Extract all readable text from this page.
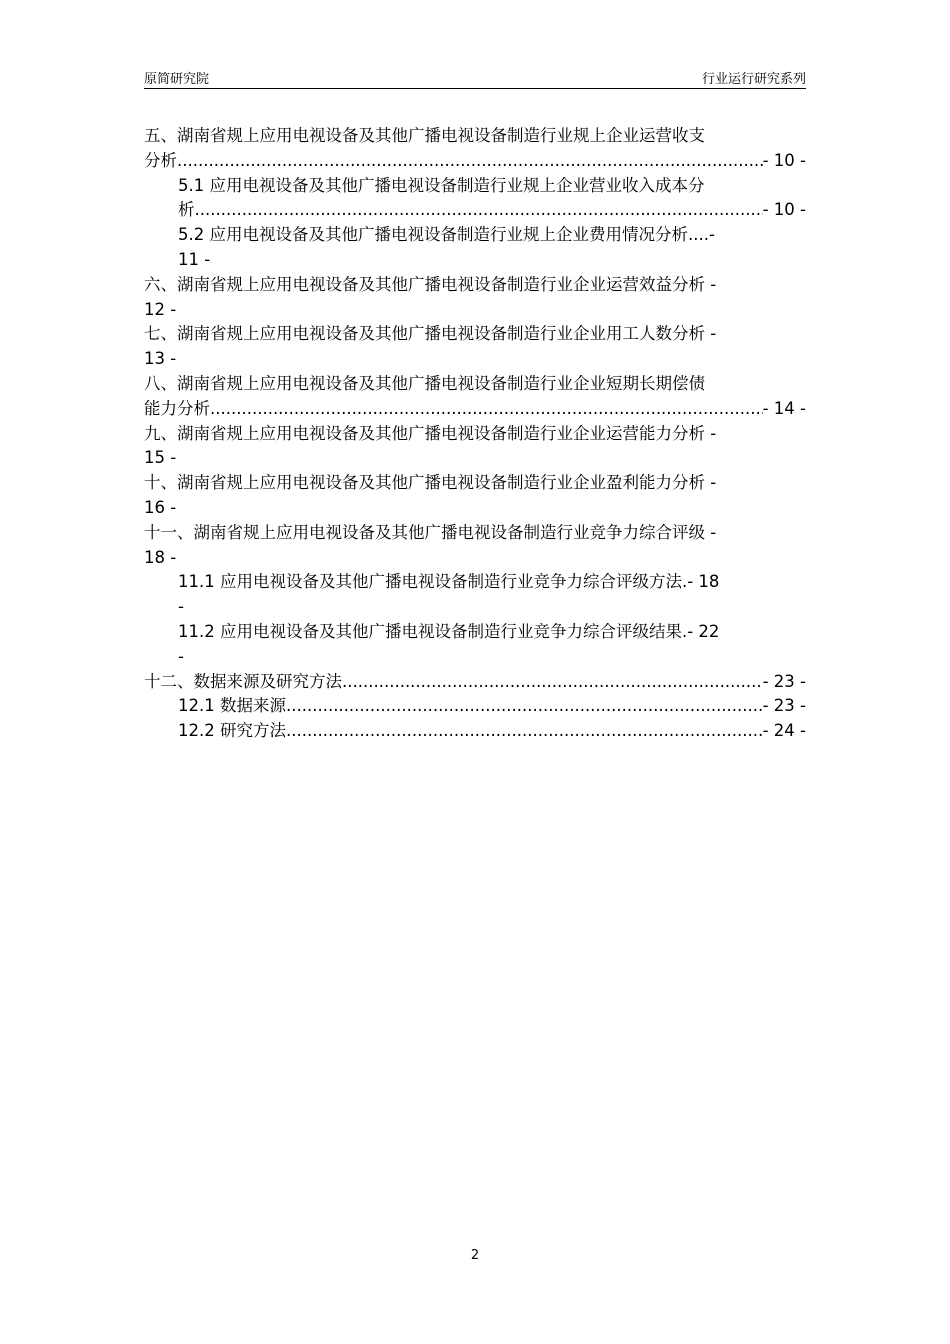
原简研究院	行业运行研究系列
五、湖南省规上应用电视设备及其他广播电视设备制造行业规上企业运营收支
分析 .....	- 10 -
5.1 应用电视设备及其他广播电视设备制造行业规上企业营业收入成本分
析 .....	- 10 -
5.2 应用电视设备及其他广播电视设备制造行业规上企业费用情况分析....-
11 -
六、湖南省规上应用电视设备及其他广播电视设备制造行业企业运营效益分析 -
12 -
七、湖南省规上应用电视设备及其他广播电视设备制造行业企业用工人数分析 -
13 -
八、湖南省规上应用电视设备及其他广播电视设备制造行业企业短期长期偿债
能力分析 .....	- 14 -
九、湖南省规上应用电视设备及其他广播电视设备制造行业企业运营能力分析 -
15 -
十、湖南省规上应用电视设备及其他广播电视设备制造行业企业盈利能力分析 -
16 -
十一、湖南省规上应用电视设备及其他广播电视设备制造行业竞争力综合评级 -
18 -
11.1 应用电视设备及其他广播电视设备制造行业竞争力综合评级方法.- 18
-
11.2 应用电视设备及其他广播电视设备制造行业竞争力综合评级结果.- 22
-
十二、数据来源及研究方法 .....	- 23 -
12.1 数据来源 .....	- 23 -
12.2 研究方法 .....	- 24 -
2
